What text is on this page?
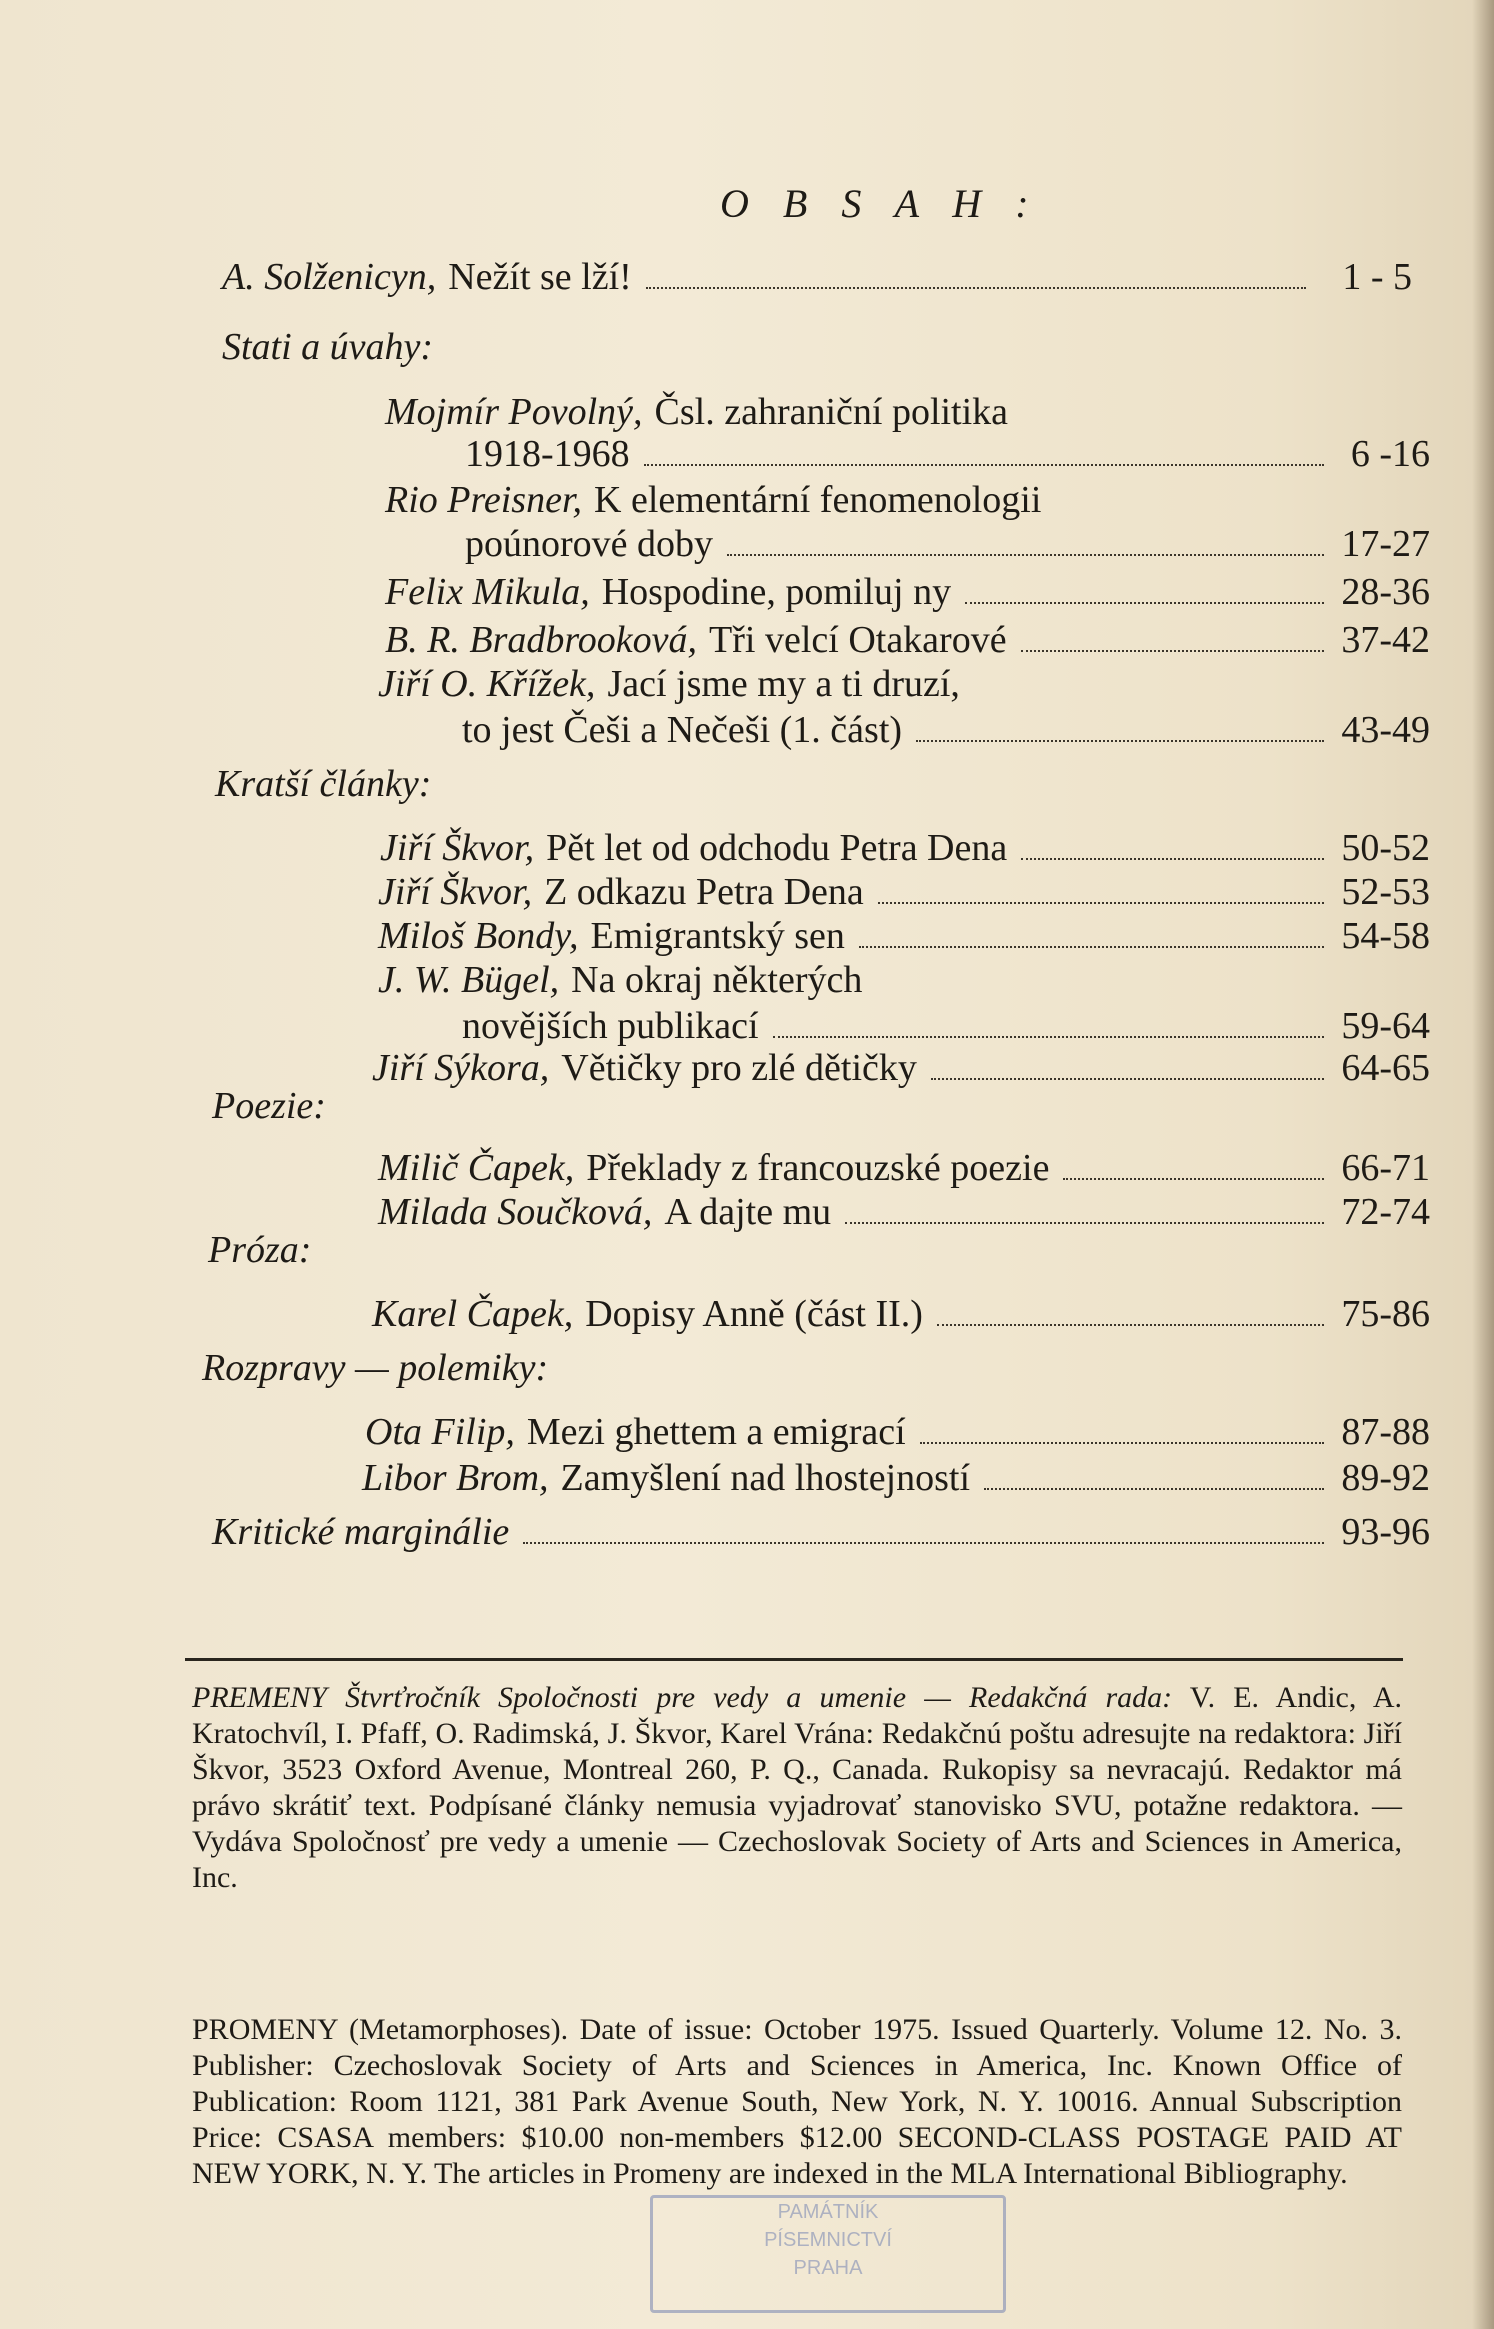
O B S A H :
A. Solženicyn, Nežít se lží!	1 - 5
Stati a úvahy:
Mojmír Povolný, Čsl. zahraniční politika
1918-1968	6 -16
Rio Preisner, K elementární fenomenologii
poúnorové doby	17-27
Felix Mikula, Hospodine, pomiluj ny	28-36
B. R. Bradbrooková, Tři velcí Otakarové	37-42
Jiří O. Křížek, Jací jsme my a ti druzí,
to jest Češi a Nečeši (1. část)	43-49
Kratší články:
Jiří Škvor, Pět let od odchodu Petra Dena	50-52
Jiří Škvor, Z odkazu Petra Dena	52-53
Miloš Bondy, Emigrantský sen	54-58
J. W. Bügel, Na okraj některých
novějších publikací	59-64
Jiří Sýkora, Větičky pro zlé dětičky	64-65
Poezie:
Milič Čapek, Překlady z francouzské poezie	66-71
Milada Součková, A dajte mu	72-74
Próza:
Karel Čapek, Dopisy Anně (část II.)	75-86
Rozpravy — polemiky:
Ota Filip, Mezi ghettem a emigrací	87-88
Libor Brom, Zamyšlení nad lhostejností	89-92
Kritické marginálie	93-96
PREMENY Štvrťročník Spoločnosti pre vedy a umenie — Redakčná rada: V. E. Andic, A. Kratochvíl, I. Pfaff, O. Radimská, J. Škvor, Karel Vrána: Redakčnú poštu adresujte na redaktora: Jiří Škvor, 3523 Oxford Avenue, Montreal 260, P. Q., Canada. Rukopisy sa nevracajú. Redaktor má právo skrátiť text. Podpísané články nemusia vyjadrovať stanovisko SVU, potažne redaktora. — Vydáva Spoločnosť pre vedy a umenie — Czechoslovak Society of Arts and Sciences in America, Inc.
PROMENY (Metamorphoses). Date of issue: October 1975. Issued Quarterly. Volume 12. No. 3. Publisher: Czechoslovak Society of Arts and Sciences in America, Inc. Known Office of Publication: Room 1121, 381 Park Avenue South, New York, N. Y. 10016. Annual Subscription Price: CSASA members: $10.00 non-members $12.00 SECOND-CLASS POSTAGE PAID AT NEW YORK, N. Y. The articles in Promeny are indexed in the MLA International Bibliography.
PAMÁTNÍK
PÍSEMNICTVÍ
PRAHA
